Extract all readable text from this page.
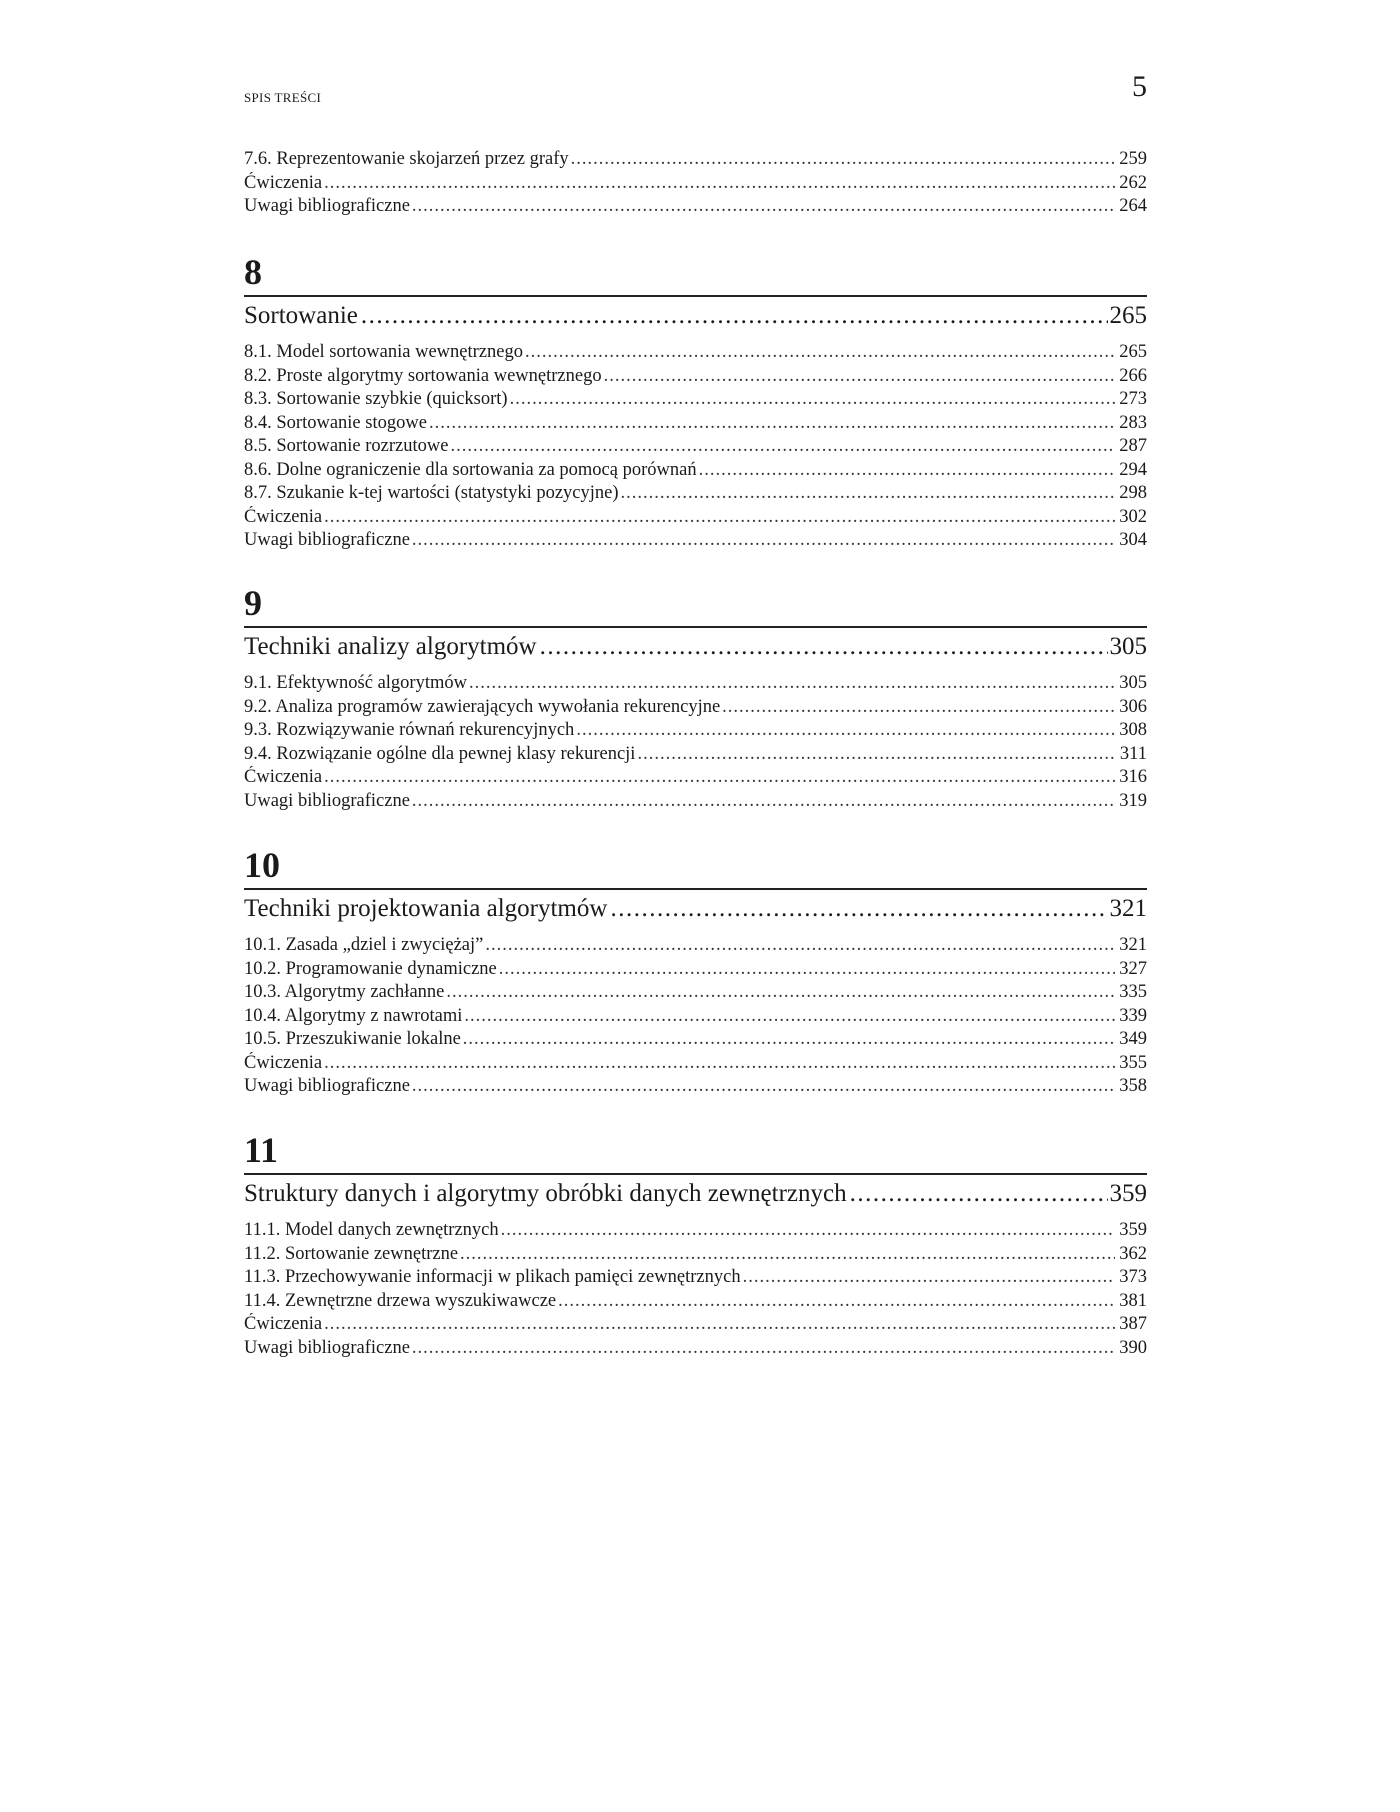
SPIS TREŚCI	5
7.6. Reprezentowanie skojarzeń przez grafy .....	259
Ćwiczenia .....	262
Uwagi bibliograficzne .....	264
8
Sortowanie .....	265
8.1. Model sortowania wewnętrznego .....	265
8.2. Proste algorytmy sortowania wewnętrznego .....	266
8.3. Sortowanie szybkie (quicksort) .....	273
8.4. Sortowanie stogowe .....	283
8.5. Sortowanie rozrzutowe .....	287
8.6. Dolne ograniczenie dla sortowania za pomocą porównań .....	294
8.7. Szukanie k-tej wartości (statystyki pozycyjne) .....	298
Ćwiczenia .....	302
Uwagi bibliograficzne .....	304
9
Techniki analizy algorytmów .....	305
9.1. Efektywność algorytmów .....	305
9.2. Analiza programów zawierających wywołania rekurencyjne .....	306
9.3. Rozwiązywanie równań rekurencyjnych .....	308
9.4. Rozwiązanie ogólne dla pewnej klasy rekurencji .....	311
Ćwiczenia .....	316
Uwagi bibliograficzne .....	319
10
Techniki projektowania algorytmów .....	321
10.1. Zasada „dziel i zwyciężaj” .....	321
10.2. Programowanie dynamiczne .....	327
10.3. Algorytmy zachłanne .....	335
10.4. Algorytmy z nawrotami .....	339
10.5. Przeszukiwanie lokalne .....	349
Ćwiczenia .....	355
Uwagi bibliograficzne .....	358
11
Struktury danych i algorytmy obróbki danych zewnętrznych .....	359
11.1. Model danych zewnętrznych .....	359
11.2. Sortowanie zewnętrzne .....	362
11.3. Przechowywanie informacji w plikach pamięci zewnętrznych .....	373
11.4. Zewnętrzne drzewa wyszukiwawcze .....	381
Ćwiczenia .....	387
Uwagi bibliograficzne .....	390
